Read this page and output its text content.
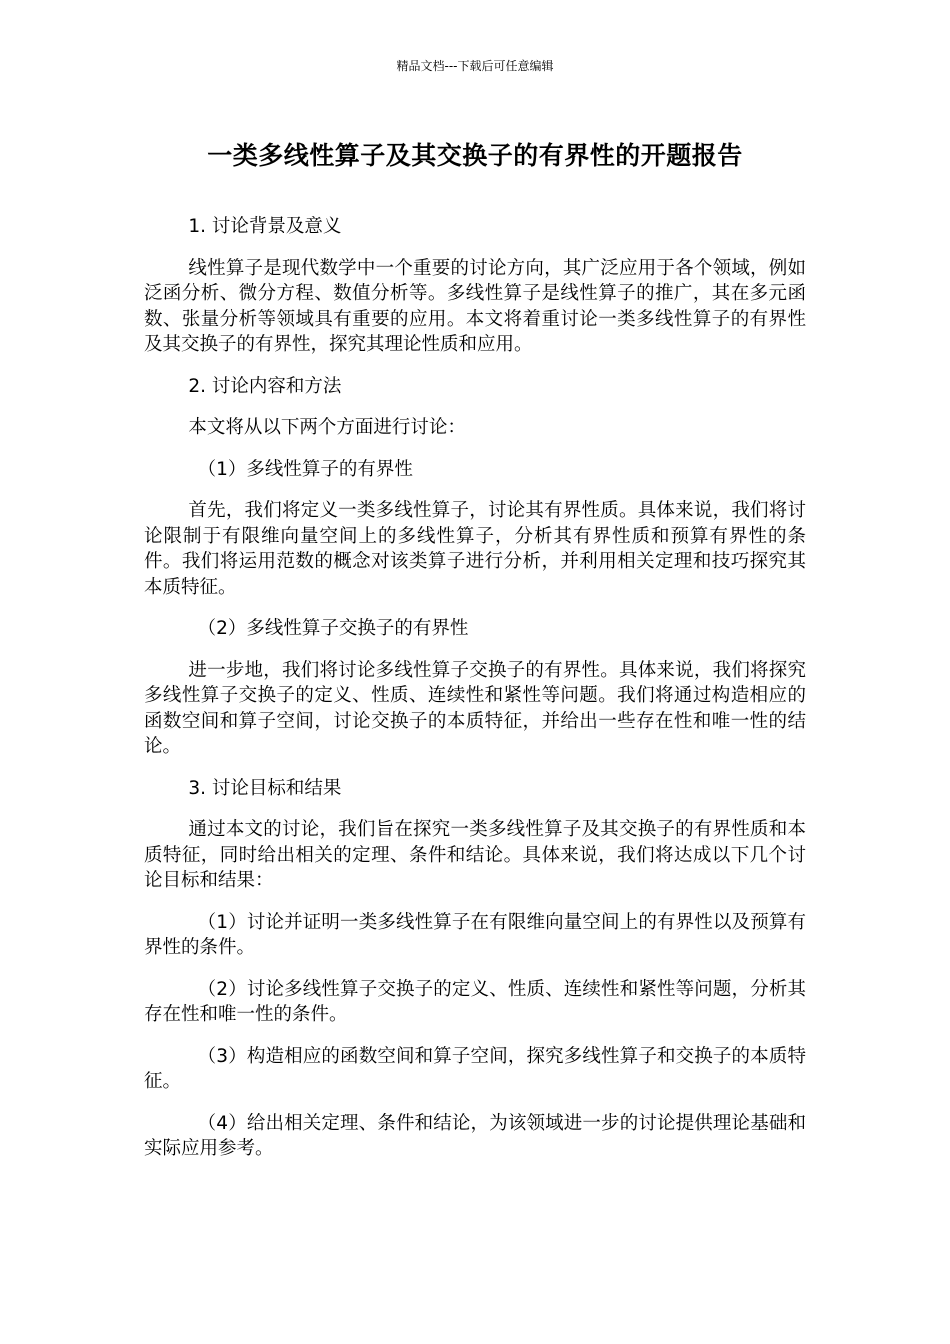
精品文档---下载后可任意编辑
一类多线性算子及其交换子的有界性的开题报告

1. 讨论背景及意义

线性算子是现代数学中一个重要的讨论方向，其广泛应用于各个领域，例如泛函分析、微分方程、数值分析等。多线性算子是线性算子的推广，其在多元函数、张量分析等领域具有重要的应用。本文将着重讨论一类多线性算子的有界性及其交换子的有界性，探究其理论性质和应用。

2. 讨论内容和方法

本文将从以下两个方面进行讨论：

（1）多线性算子的有界性

首先，我们将定义一类多线性算子，讨论其有界性质。具体来说，我们将讨论限制于有限维向量空间上的多线性算子，分析其有界性质和预算有界性的条件。我们将运用范数的概念对该类算子进行分析，并利用相关定理和技巧探究其本质特征。

（2）多线性算子交换子的有界性

进一步地，我们将讨论多线性算子交换子的有界性。具体来说，我们将探究多线性算子交换子的定义、性质、连续性和紧性等问题。我们将通过构造相应的函数空间和算子空间，讨论交换子的本质特征，并给出一些存在性和唯一性的结论。

3. 讨论目标和结果

通过本文的讨论，我们旨在探究一类多线性算子及其交换子的有界性质和本质特征，同时给出相关的定理、条件和结论。具体来说，我们将达成以下几个讨论目标和结果：

（1）讨论并证明一类多线性算子在有限维向量空间上的有界性以及预算有界性的条件。

（2）讨论多线性算子交换子的定义、性质、连续性和紧性等问题，分析其存在性和唯一性的条件。

（3）构造相应的函数空间和算子空间，探究多线性算子和交换子的本质特征。

（4）给出相关定理、条件和结论，为该领域进一步的讨论提供理论基础和实际应用参考。
